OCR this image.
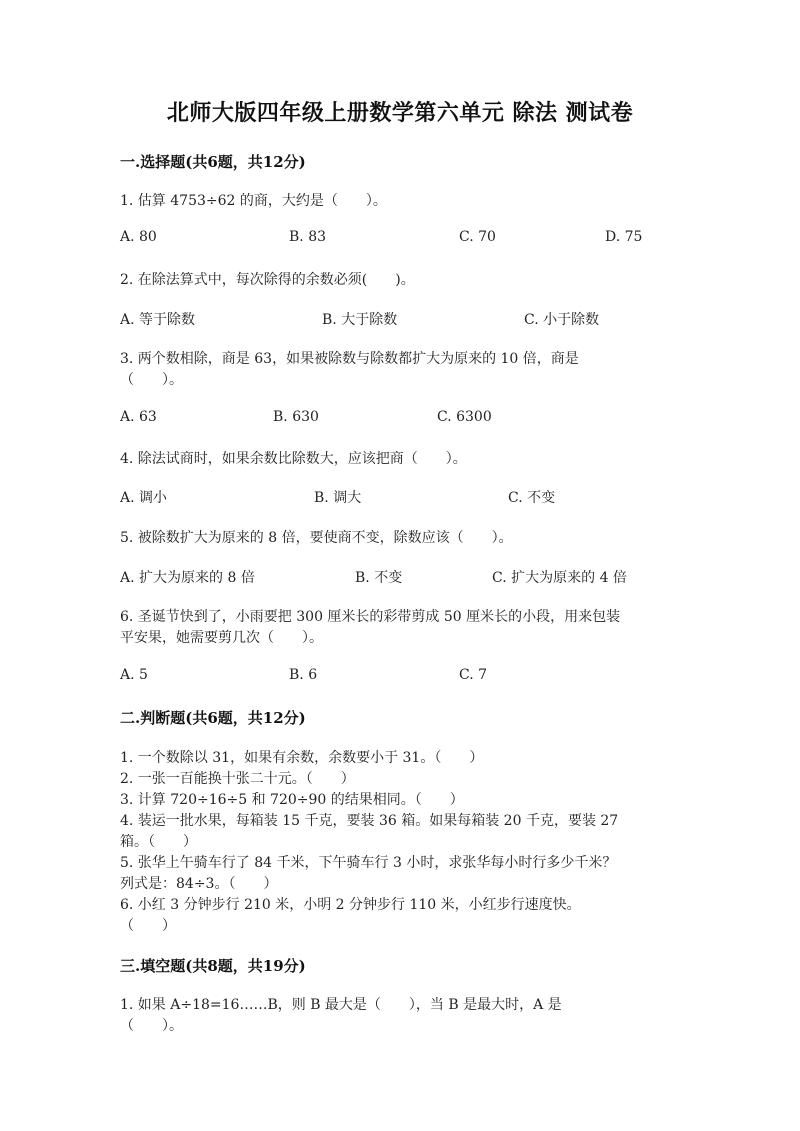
北师大版四年级上册数学第六单元 除法 测试卷
一.选择题(共6题，共12分)
1. 估算 4753÷62 的商，大约是（　　）。
A. 80	B. 83	C. 70	D. 75
2. 在除法算式中，每次除得的余数必须(　　)。
A. 等于除数	B. 大于除数	C. 小于除数
3. 两个数相除，商是 63，如果被除数与除数都扩大为原来的 10 倍，商是
（　　）。
A. 63	B. 630	C. 6300
4. 除法试商时，如果余数比除数大，应该把商（　　）。
A. 调小	B. 调大	C. 不变
5. 被除数扩大为原来的 8 倍，要使商不变，除数应该（　　）。
A. 扩大为原来的 8 倍	B. 不变	C. 扩大为原来的 4 倍
6. 圣诞节快到了，小雨要把 300 厘米长的彩带剪成 50 厘米长的小段，用来包装
平安果，她需要剪几次（　　）。
A. 5	B. 6	C. 7
二.判断题(共6题，共12分)
1. 一个数除以 31，如果有余数，余数要小于 31。（　　）
2. 一张一百能换十张二十元。（　　）
3. 计算 720÷16÷5 和 720÷90 的结果相同。（　　）
4. 装运一批水果，每箱装 15 千克，要装 36 箱。如果每箱装 20 千克，要装 27
箱。（　　）
5. 张华上午骑车行了 84 千米，下午骑车行 3 小时，求张华每小时行多少千米？
列式是：84÷3。（　　）
6. 小红 3 分钟步行 210 米，小明 2 分钟步行 110 米，小红步行速度快。
（　　）
三.填空题(共8题，共19分)
1. 如果 A÷18=16……B，则 B 最大是（　　），当 B 是最大时，A 是
（　　）。
